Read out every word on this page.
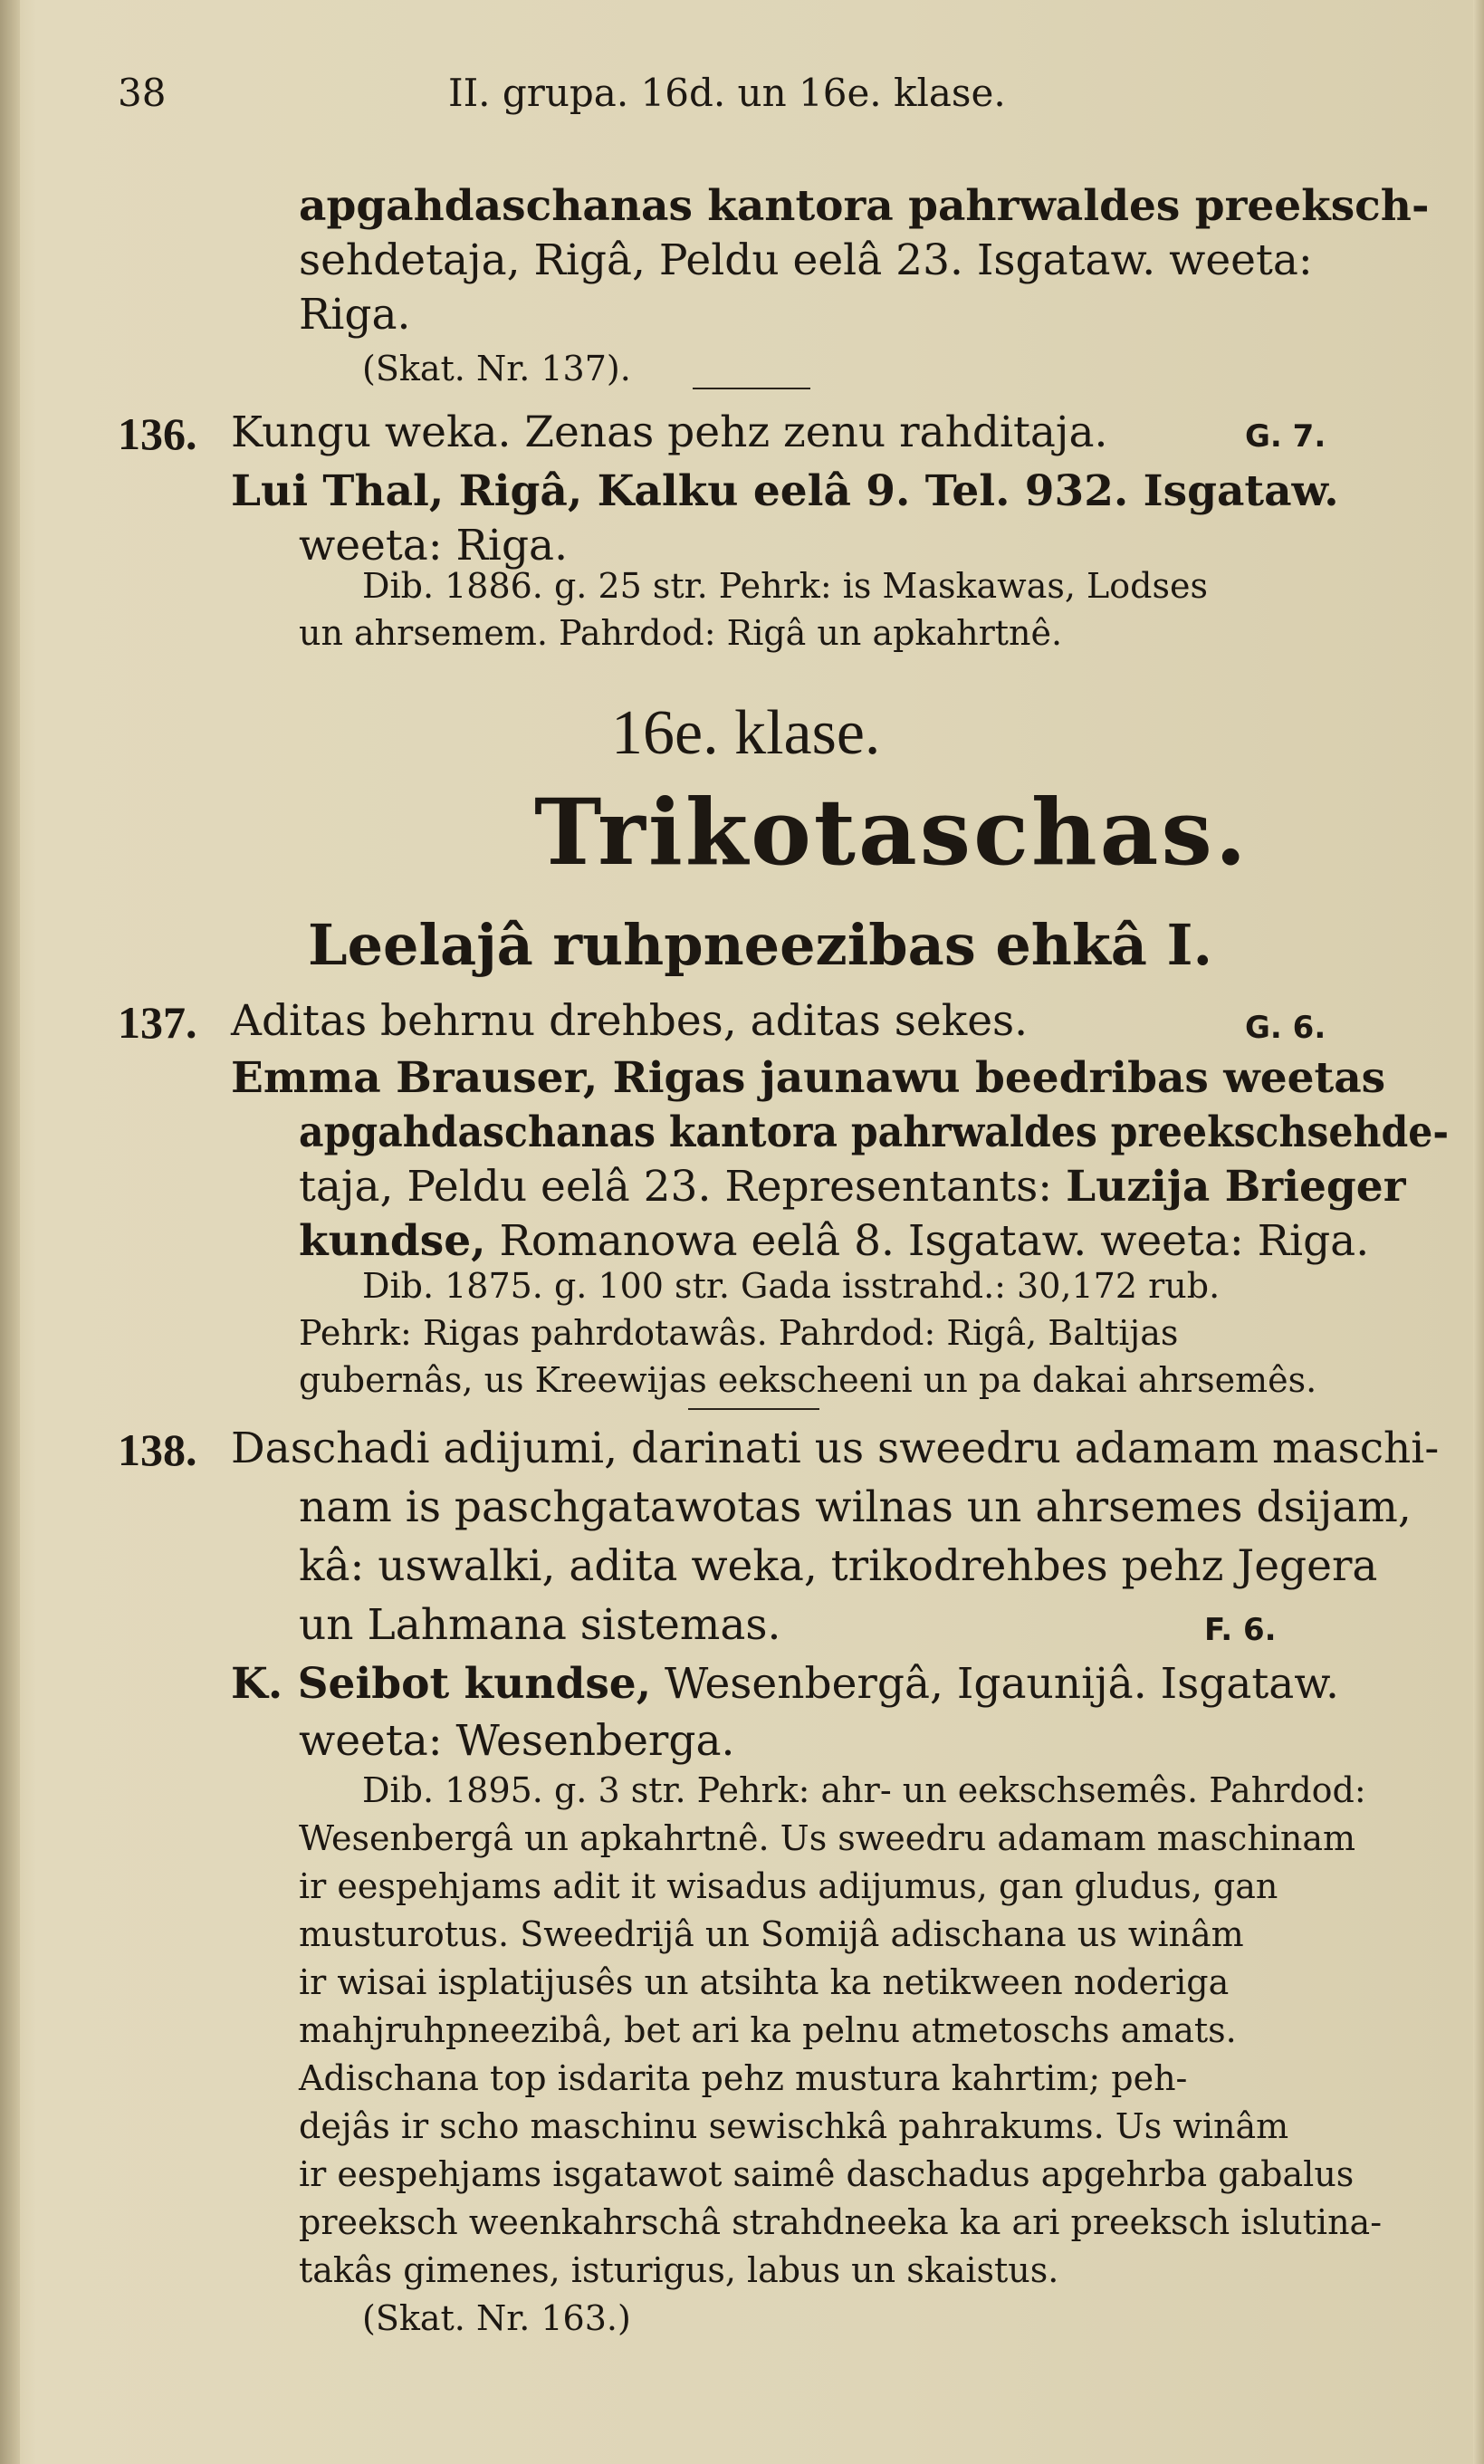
38	II. grupa. 16d. un 16e. klase.
apgahdaschanas kantora pahrwaldes preeksch-
sehdetaja, Rigâ, Peldu eelâ 23. Isgataw. weeta:
Riga.
(Skat. Nr. 137).
136. Kungu weka. Zenas pehz zenu rahditaja.	G. 7.
Lui Thal, Rigâ, Kalku eelâ 9. Tel. 932. Isgataw.
weeta: Riga.
Dib. 1886. g. 25 str. Pehrk: is Maskawas, Lodses
un ahrsemem. Pahrdod: Rigâ un apkahrtnê.
16e. klase.
Trikotaschas.
Leelajâ ruhpneezibas ehkâ I.
137. Aditas behrnu drehbes, aditas sekes.	G. 6.
Emma Brauser, Rigas jaunawu beedribas weetas
apgahdaschanas kantora pahrwaldes preekschsehde-
taja, Peldu eelâ 23. Representants: Luzija Brieger
kundse, Romanowa eelâ 8. Isgataw. weeta: Riga.
Dib. 1875. g. 100 str. Gada isstrahd.: 30,172 rub.
Pehrk: Rigas pahrdotawâs. Pahrdod: Rigâ, Baltijas
gubernâs, us Kreewijas eekscheeni un pa dakai ahrsemês.
138. Daschadi adijumi, darinati us sweedru adamam maschi-
nam is paschgatawotas wilnas un ahrsemes dsijam,
kâ: uswalki, adita weka, trikodrehbes pehz Jegera
un Lahmana sistemas.	F. 6.
K. Seibot kundse, Wesenbergâ, Igaunijâ. Isgataw.
weeta: Wesenberga.
Dib. 1895. g. 3 str. Pehrk: ahr- un eekschsemês. Pahrdod:
Wesenbergâ un apkahrtnê. Us sweedru adamam maschinam
ir eespehjams adit it wisadus adijumus, gan gludus, gan
musturotus. Sweedrijâ un Somijâ adischana us winâm
ir wisai isplatijusês un atsihta ka netikween noderiga
mahjruhpneezibâ, bet ari ka pelnu atmetoschs amats.
Adischana top isdarita pehz mustura kahrtim; peh-
dejâs ir scho maschinu sewischkâ pahrakums. Us winâm
ir eespehjams isgatawot saimê daschadus apgehrba gabalus
preeksch weenkahrschâ strahdneeka ka ari preeksch islutina-
takâs gimenes, isturigus, labus un skaistus.
(Skat. Nr. 163.)
